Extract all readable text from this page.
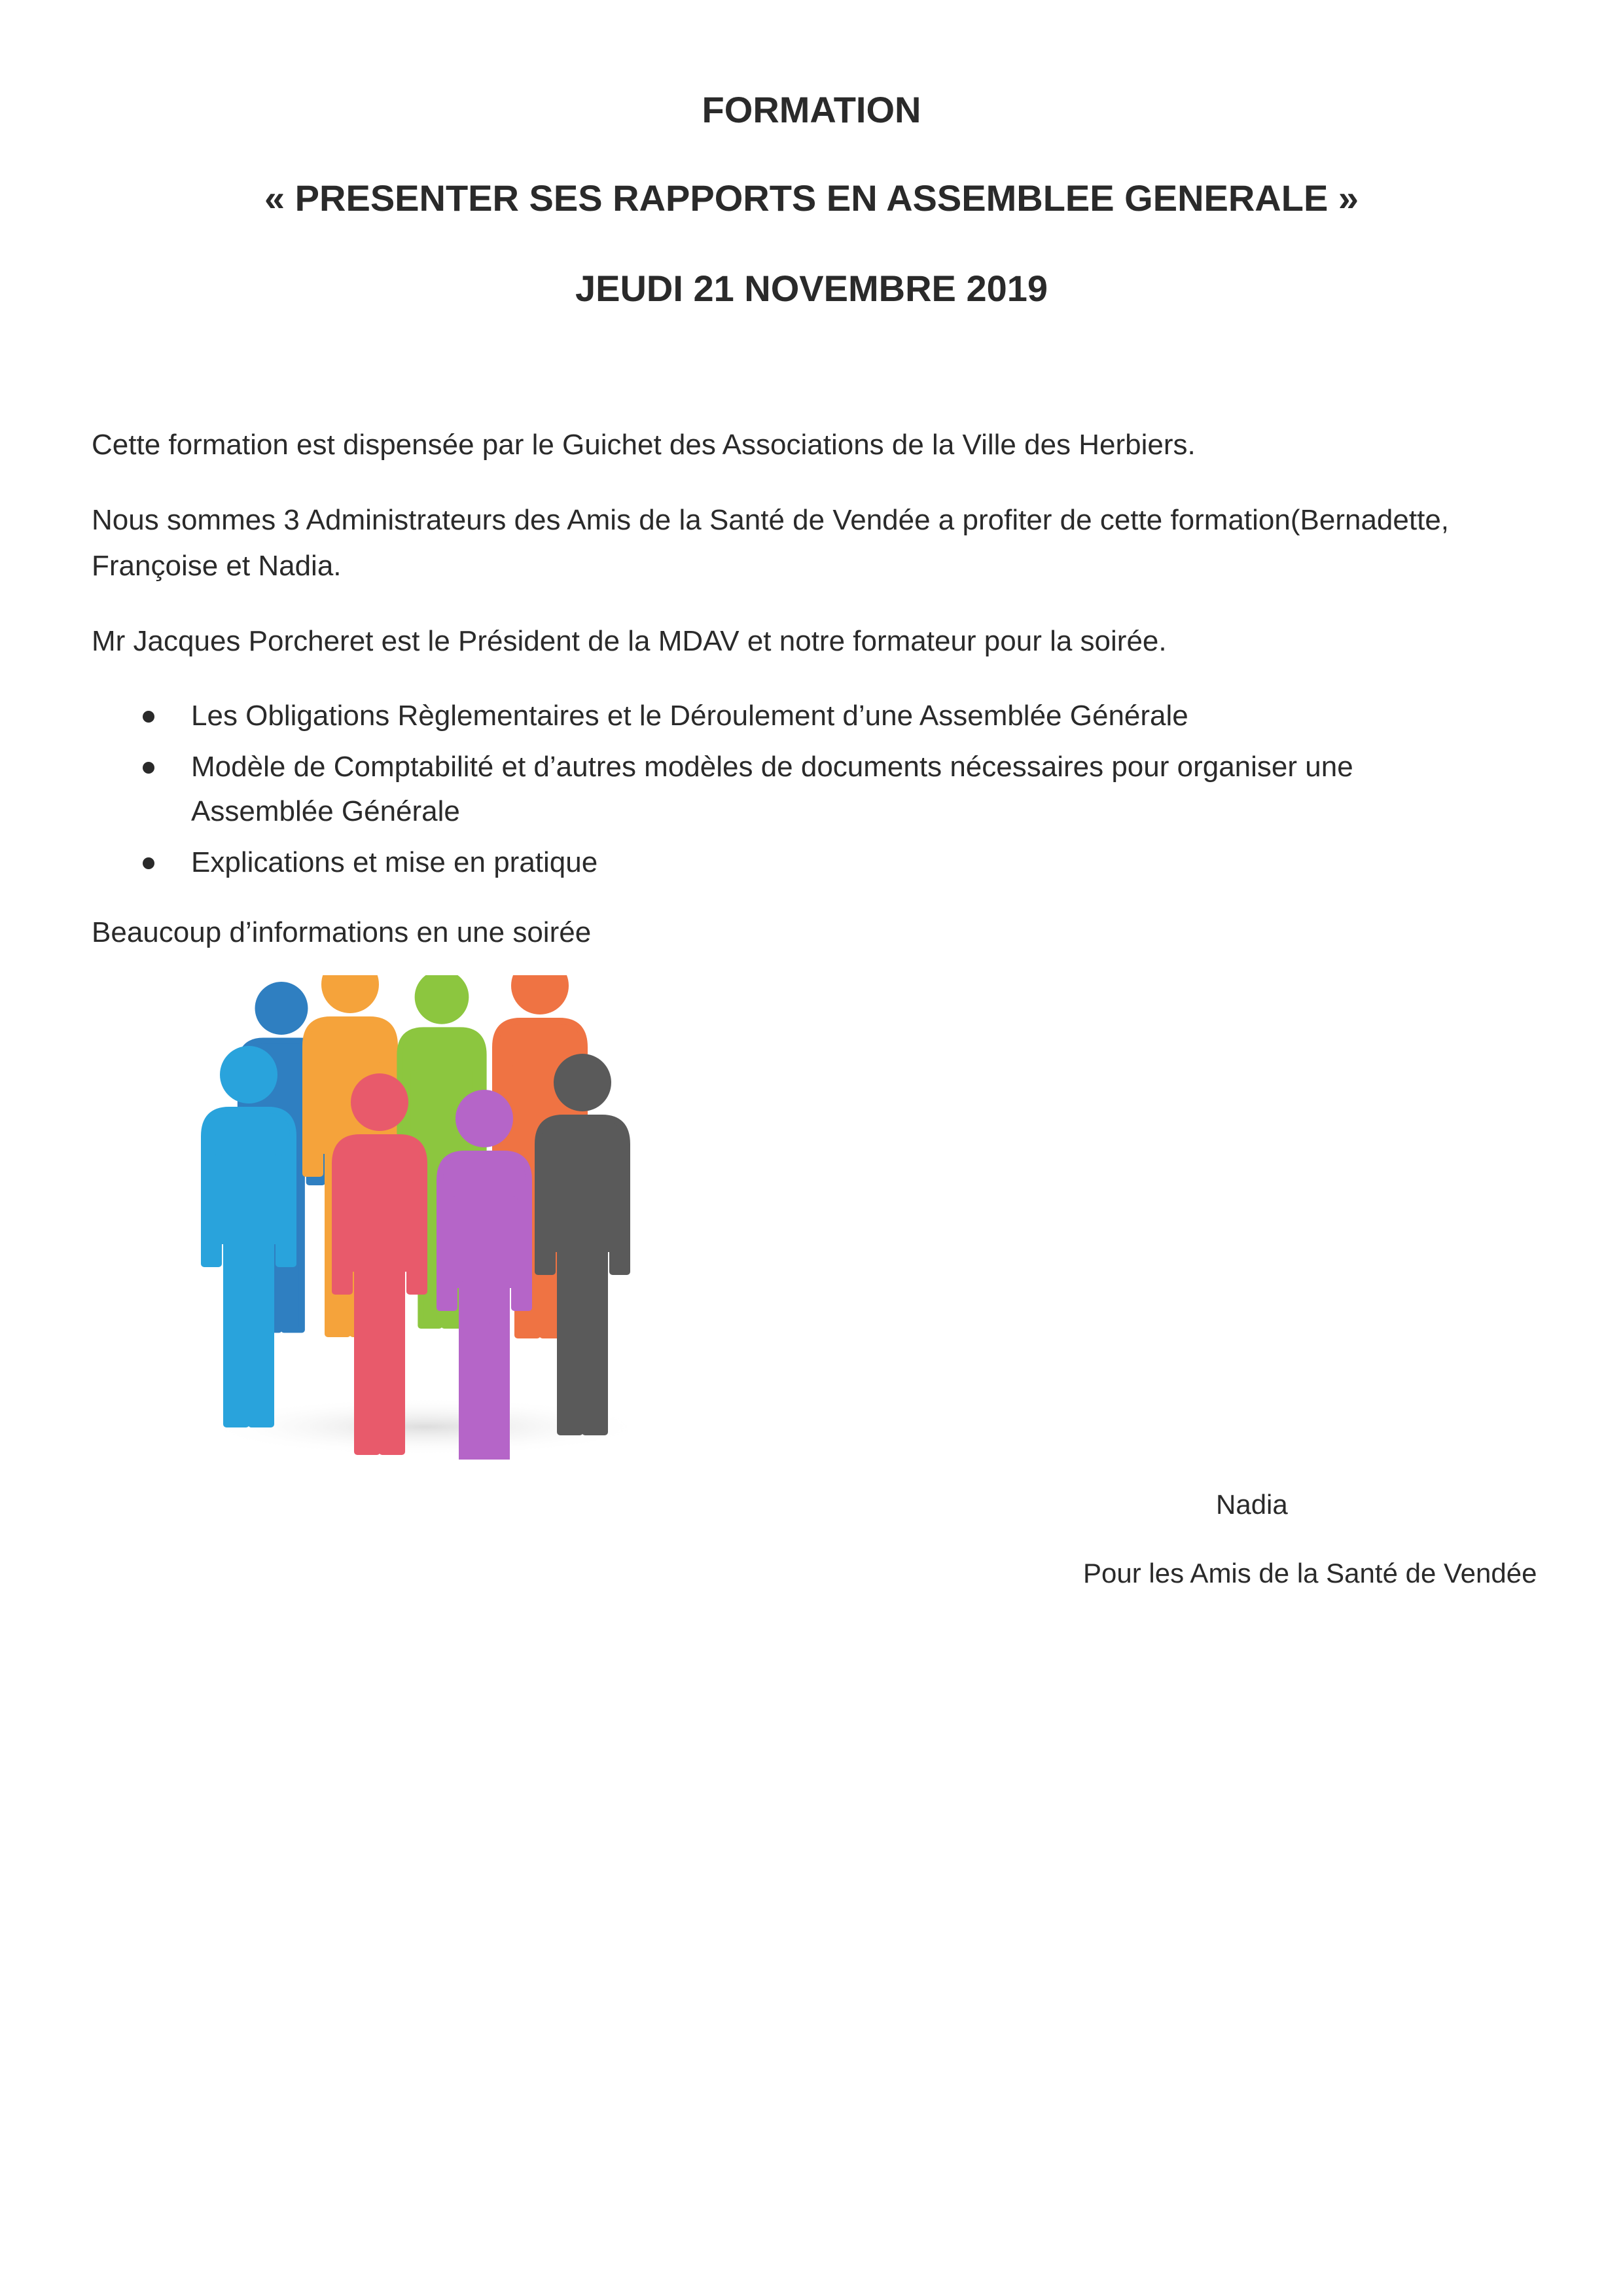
FORMATION
« PRESENTER SES RAPPORTS EN ASSEMBLEE GENERALE »
JEUDI 21 NOVEMBRE 2019
Cette formation est dispensée par le Guichet des Associations de la Ville des Herbiers.
Nous sommes 3 Administrateurs des Amis de la Santé de Vendée a profiter de cette formation(Bernadette, Françoise et Nadia.
Mr Jacques Porcheret est le Président de la MDAV et notre formateur pour la soirée.
Les Obligations Règlementaires et le Déroulement d’une Assemblée Générale
Modèle de Comptabilité et d’autres modèles de documents nécessaires pour organiser une Assemblée Générale
Explications et mise en pratique
Beaucoup d’informations en une soirée
Nadia
Pour les Amis de la Santé de Vendée
